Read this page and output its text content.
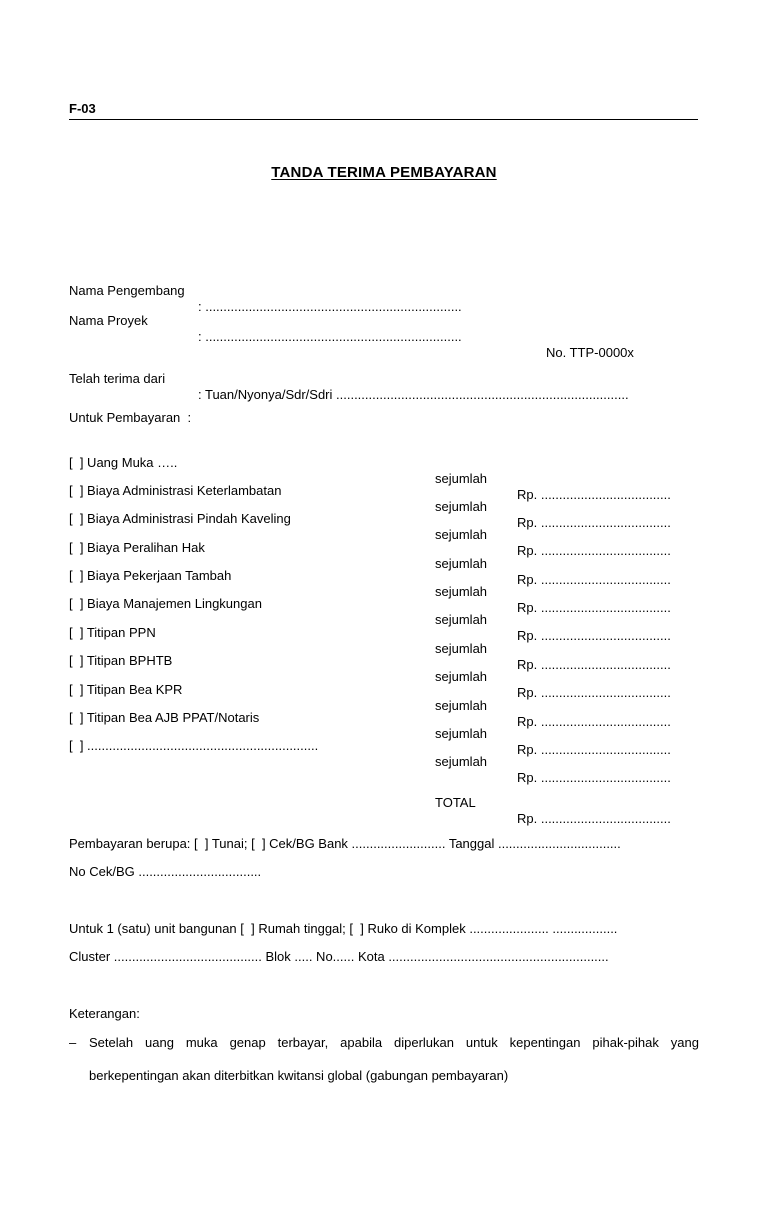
F-03
TANDA TERIMA PEMBAYARAN

Nama Pengembang

: .......................................................................

Nama Proyek

: .......................................................................

No. TTP-0000x

Telah terima dari

: Tuan/Nyonya/Sdr/Sdri .................................................................................

Untuk Pembayaran  :

[  ] Uang Muka …..

sejumlah

Rp. ....................................

[  ] Biaya Administrasi Keterlambatan

sejumlah

Rp. ....................................

[  ] Biaya Administrasi Pindah Kaveling

sejumlah

Rp. ....................................

[  ] Biaya Peralihan Hak

sejumlah

Rp. ....................................

[  ] Biaya Pekerjaan Tambah

sejumlah

Rp. ....................................

[  ] Biaya Manajemen Lingkungan

sejumlah

Rp. ....................................

[  ] Titipan PPN

sejumlah

Rp. ....................................

[  ] Titipan BPHTB

sejumlah

Rp. ....................................

[  ] Titipan Bea KPR

sejumlah

Rp. ....................................

[  ] Titipan Bea AJB PPAT/Notaris

sejumlah

Rp. ....................................

[  ] ................................................................

sejumlah

Rp. ....................................

TOTAL

Rp. ....................................

Pembayaran berupa: [  ] Tunai; [  ] Cek/BG Bank .......................... Tanggal ..................................
No Cek/BG ..................................
Untuk 1 (satu) unit bangunan [  ] Rumah tinggal; [  ] Ruko di Komplek ...................... ..................
Cluster ......................................... Blok ..... No...... Kota .............................................................
Keterangan:
– Setelah uang muka genap terbayar, apabila diperlukan untuk kepentingan pihak-pihak yang
berkepentingan akan diterbitkan kwitansi global (gabungan pembayaran)
